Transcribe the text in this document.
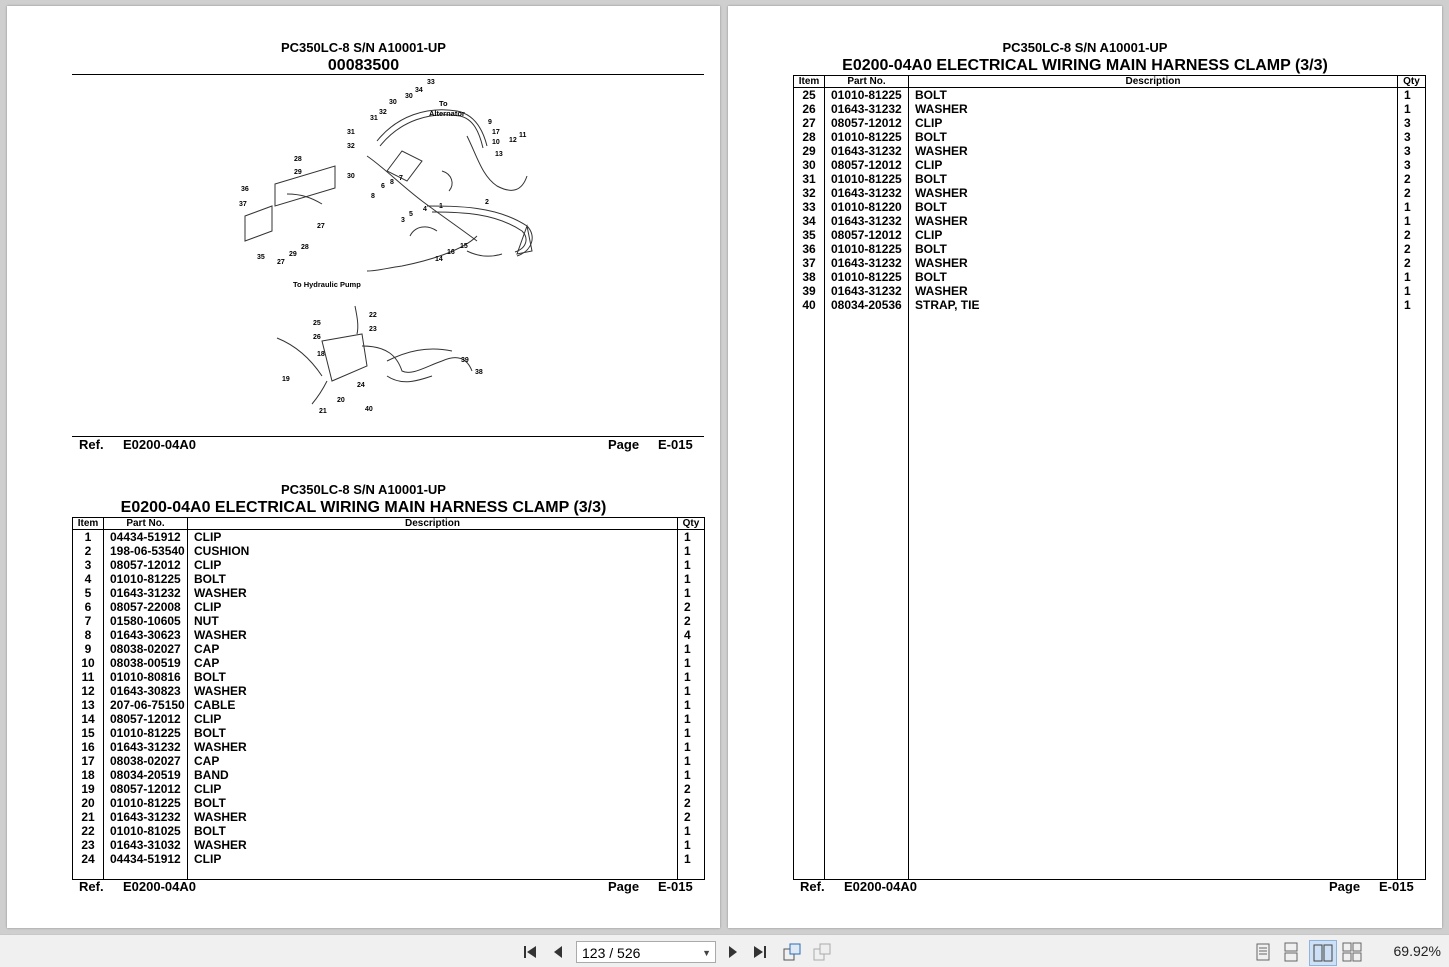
PC350LC-8 S/N A10001-UP
00083500
33
34
30
30
32
31
31
32
30
28
29
36
37
35
27
29
28
27
8
6
8
7
3
5
4 1
2
15
16
14
9
17
10
13
12
11
25
26
22
23
18
19
21
20
24
40
39
38
To
Alternator
To Hydraulic Pump
Ref. E0200-04A0	Page E-015
PC350LC-8 S/N A10001-UP
E0200-04A0 ELECTRICAL WIRING MAIN HARNESS CLAMP (3/3)
Item	Part No.	Description	Qty
1	04434-51912	CLIP	1
2	198-06-53540	CUSHION	1
3	08057-12012	CLIP	1
4	01010-81225	BOLT	1
5	01643-31232	WASHER	1
6	08057-22008	CLIP	2
7	01580-10605	NUT	2
8	01643-30623	WASHER	4
9	08038-02027	CAP	1
10	08038-00519	CAP	1
11	01010-80816	BOLT	1
12	01643-30823	WASHER	1
13	207-06-75150	CABLE	1
14	08057-12012	CLIP	1
15	01010-81225	BOLT	1
16	01643-31232	WASHER	1
17	08038-02027	CAP	1
18	08034-20519	BAND	1
19	08057-12012	CLIP	2
20	01010-81225	BOLT	2
21	01643-31232	WASHER	2
22	01010-81025	BOLT	1
23	01643-31032	WASHER	1
24	04434-51912	CLIP	1

Ref. E0200-04A0	Page E-015
PC350LC-8 S/N A10001-UP
E0200-04A0 ELECTRICAL WIRING MAIN HARNESS CLAMP (3/3)
Item	Part No.	Description	Qty
25	01010-81225	BOLT	1
26	01643-31232	WASHER	1
27	08057-12012	CLIP	3
28	01010-81225	BOLT	3
29	01643-31232	WASHER	3
30	08057-12012	CLIP	3
31	01010-81225	BOLT	2
32	01643-31232	WASHER	2
33	01010-81220	BOLT	1
34	01643-31232	WASHER	1
35	08057-12012	CLIP	2
36	01010-81225	BOLT	2
37	01643-31232	WASHER	2
38	01010-81225	BOLT	1
39	01643-31232	WASHER	1
40	08034-20536	STRAP, TIE	1

Ref. E0200-04A0	Page E-015
123 / 526	▼	69.92%
